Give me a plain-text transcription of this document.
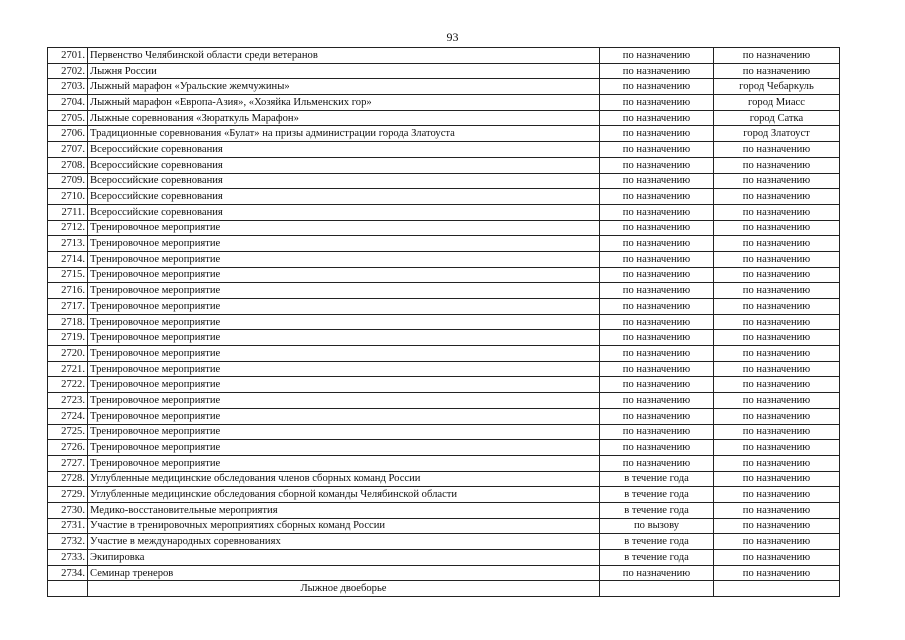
93
2701.	Первенство Челябинской области среди ветеранов	по назначению	по назначению
2702.	Лыжня России	по назначению	по назначению
2703.	Лыжный марафон «Уральские жемчужины»	по назначению	город Чебаркуль
2704.	Лыжный марафон «Европа-Азия», «Хозяйка Ильменских гор»	по назначению	город Миасс
2705.	Лыжные соревнования «Зюраткуль Марафон»	по назначению	город Сатка
2706.	Традиционные соревнования «Булат» на призы администрации города Златоуста	по назначению	город Златоуст
2707.	Всероссийские соревнования	по назначению	по назначению
2708.	Всероссийские соревнования	по назначению	по назначению
2709.	Всероссийские соревнования	по назначению	по назначению
2710.	Всероссийские соревнования	по назначению	по назначению
2711.	Всероссийские соревнования	по назначению	по назначению
2712.	Тренировочное мероприятие	по назначению	по назначению
2713.	Тренировочное мероприятие	по назначению	по назначению
2714.	Тренировочное мероприятие	по назначению	по назначению
2715.	Тренировочное мероприятие	по назначению	по назначению
2716.	Тренировочное мероприятие	по назначению	по назначению
2717.	Тренировочное мероприятие	по назначению	по назначению
2718.	Тренировочное мероприятие	по назначению	по назначению
2719.	Тренировочное мероприятие	по назначению	по назначению
2720.	Тренировочное мероприятие	по назначению	по назначению
2721.	Тренировочное мероприятие	по назначению	по назначению
2722.	Тренировочное мероприятие	по назначению	по назначению
2723.	Тренировочное мероприятие	по назначению	по назначению
2724.	Тренировочное мероприятие	по назначению	по назначению
2725.	Тренировочное мероприятие	по назначению	по назначению
2726.	Тренировочное мероприятие	по назначению	по назначению
2727.	Тренировочное мероприятие	по назначению	по назначению
2728.	Углубленные медицинские обследования членов сборных команд России	в течение года	по назначению
2729.	Углубленные медицинские обследования сборной команды Челябинской области	в течение года	по назначению
2730.	Медико-восстановительные мероприятия	в течение года	по назначению
2731.	Участие в тренировочных мероприятиях сборных команд России	по вызову	по назначению
2732.	Участие в международных соревнованиях	в течение года	по назначению
2733.	Экипировка	в течение года	по назначению
2734.	Семинар тренеров	по назначению	по назначению
	Лыжное двоеборье		
